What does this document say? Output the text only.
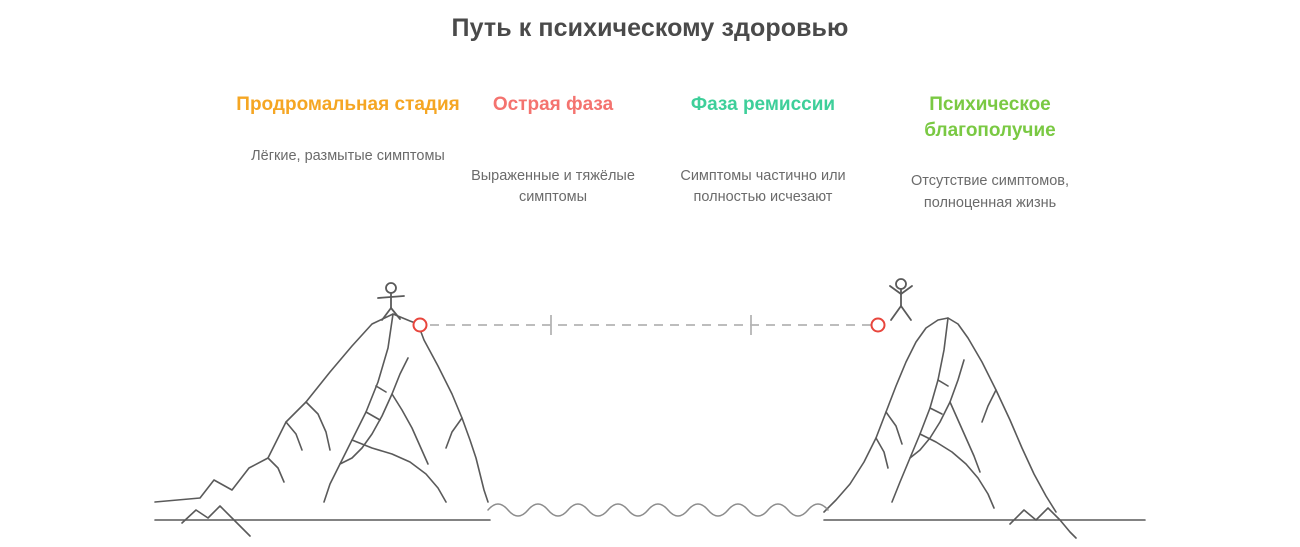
Путь к психическому здоровью
Продромальная стадия
Лёгкие, размытые симптомы
Острая фаза
Выраженные и тяжёлые симптомы
Фаза ремиссии
Симптомы частично или полностью исчезают
Психическое благополучие
Отсутствие симптомов, полноценная жизнь
